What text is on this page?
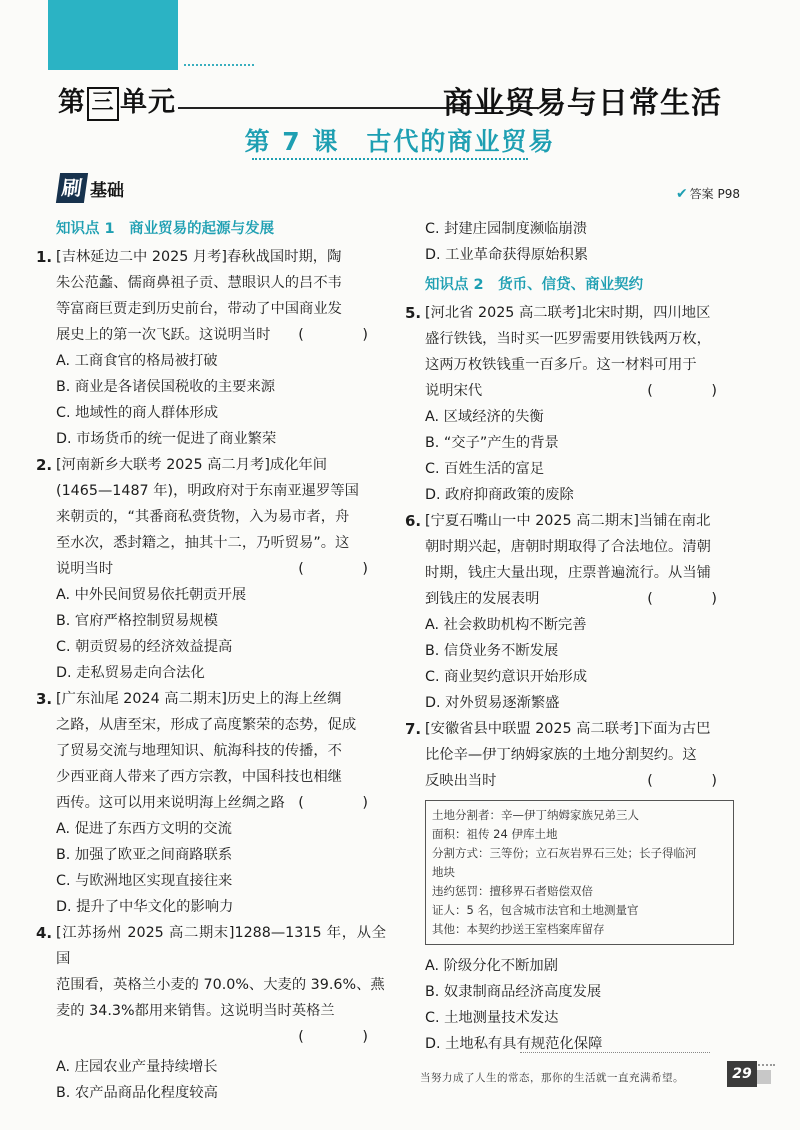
第 三 单元	商业贸易与日常生活
第 7 课　古代的商业贸易
刷 基础	✔ 答案 P98
知识点 1　商业贸易的起源与发展
1. [吉林延边二中 2025 月考]春秋战国时期，陶
朱公范蠡、儒商鼻祖子贡、慧眼识人的吕不韦
等富商巨贾走到历史前台，带动了中国商业发
展史上的第一次飞跃。这说明当时 (　　)
A. 工商食官的格局被打破
B. 商业是各诸侯国税收的主要来源
C. 地域性的商人群体形成
D. 市场货币的统一促进了商业繁荣
2. [河南新乡大联考 2025 高二月考]成化年间
(1465—1487 年)，明政府对于东南亚暹罗等国
来朝贡的，“其番商私赍货物，入为易市者，舟
至水次，悉封籍之，抽其十二，乃听贸易”。这
说明当时	(　　)
A. 中外民间贸易依托朝贡开展
B. 官府严格控制贸易规模
C. 朝贡贸易的经济效益提高
D. 走私贸易走向合法化
3. [广东汕尾 2024 高二期末]历史上的海上丝绸
之路，从唐至宋，形成了高度繁荣的态势，促成
了贸易交流与地理知识、航海科技的传播，不
少西亚商人带来了西方宗教，中国科技也相继
西传。这可以用来说明海上丝绸之路 (　　)
A. 促进了东西方文明的交流
B. 加强了欧亚之间商路联系
C. 与欧洲地区实现直接往来
D. 提升了中华文化的影响力
4. [江苏扬州 2025 高二期末]1288—1315 年，从全国
范围看，英格兰小麦的 70.0%、大麦的 39.6%、燕
麦的 34.3%都用来销售。这说明当时英格兰
(　　)

A. 庄园农业产量持续增长
B. 农产品商品化程度较高
C. 封建庄园制度濒临崩溃
D. 工业革命获得原始积累
知识点 2　货币、信贷、商业契约
5. [河北省 2025 高二联考]北宋时期，四川地区
盛行铁钱，当时买一匹罗需要用铁钱两万枚，
这两万枚铁钱重一百多斤。这一材料可用于
说明宋代	(　　)
A. 区域经济的失衡
B. “交子”产生的背景
C. 百姓生活的富足
D. 政府抑商政策的废除
6. [宁夏石嘴山一中 2025 高二期末]当铺在南北
朝时期兴起，唐朝时期取得了合法地位。清朝
时期，钱庄大量出现，庄票普遍流行。从当铺
到钱庄的发展表明	(　　)
A. 社会救助机构不断完善
B. 信贷业务不断发展
C. 商业契约意识开始形成
D. 对外贸易逐渐繁盛
7. [安徽省县中联盟 2025 高二联考]下面为古巴
比伦辛—伊丁纳姆家族的土地分割契约。这
反映出当时	(　　)
土地分割者：辛—伊丁纳姆家族兄弟三人
面积：祖传 24 伊库土地
分割方式：三等份；立石灰岩界石三处；长子得临河
地块
违约惩罚：擅移界石者赔偿双倍
证人：5 名，包含城市法官和土地测量官
其他：本契约抄送王室档案库留存
A. 阶级分化不断加剧
B. 奴隶制商品经济高度发展
C. 土地测量技术发达
D. 土地私有具有规范化保障
当努力成了人生的常态，那你的生活就一直充满希望。	29
